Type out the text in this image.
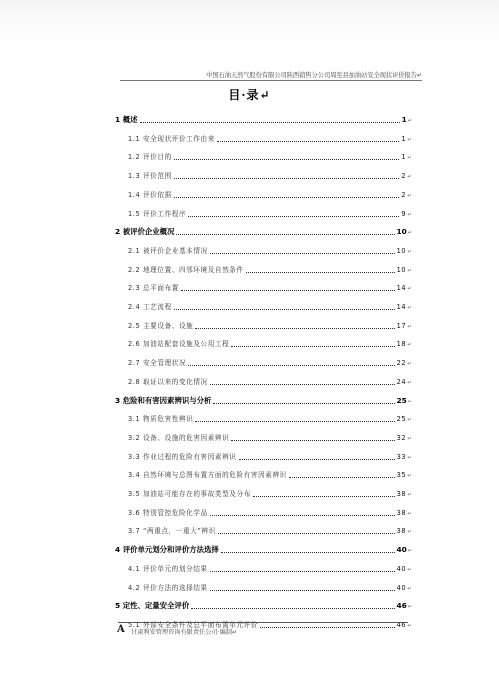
中国石油天然气股份有限公司陕西销售分公司周至县加油站安全现状评价报告↵
目·录↵
1 概述	1 ↵
1.1 安全现状评价工作由来	1 ↵
1.2 评价目的	1 ↵
1.3 评价范围	2 ↵
1.4 评价依据	2 ↵
1.5 评价工作程序	9 ↵
2 被评价企业概况	10 ↵
2.1 被评价企业基本情况	10 ↵
2.2 地理位置、四邻环境及自然条件	10 ↵
2.3 总平面布置	14 ↵
2.4 工艺流程	14 ↵
2.5 主要设备、设施	17 ↵
2.6 加油站配套设施及公用工程	18 ↵
2.7 安全管理状况	22 ↵
2.8 取证以来的变化情况	24 ↵
3 危险和有害因素辨识与分析	25 ↵
3.1 物质危害性辨识	25 ↵
3.2 设备、设施的危害因素辨识	32 ↵
3.3 作业过程的危险有害因素辨识	33 ↵
3.4 自然环境与总图布置方面的危险有害因素辨识	35 ↵
3.5 加油站可能存在的事故类型及分布	38 ↵
3.6 特别管控危险化学品	38 ↵
3.7 “两重点，一重大”辨识	38 ↵
4 评价单元划分和评价方法选择	40 ↵
4.1 评价单元的划分结果	40 ↵
4.2 评价方法的选择结果	40 ↵
5 定性、定量安全评价	46 ↵
5.1 外部安全条件及总平面布置单元评价	46 ↵
A	甘肃利安管理咨询有限责任公司·编制↵
